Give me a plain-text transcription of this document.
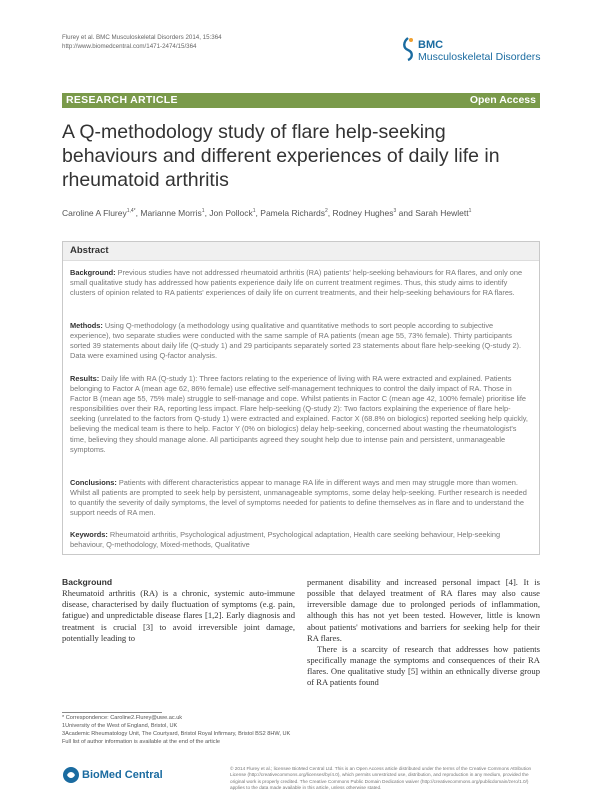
Flurey et al. BMC Musculoskeletal Disorders 2014, 15:364
http://www.biomedcentral.com/1471-2474/15/364	BMC
Musculoskeletal Disorders
RESEARCH ARTICLE	Open Access
A Q-methodology study of flare help-seeking behaviours and different experiences of daily life in rheumatoid arthritis
Caroline A Flurey$^{1,4*}$, Marianne Morris$^1$, Jon Pollock$^1$, Pamela Richards$^2$, Rodney Hughes$^3$ and Sarah Hewlett$^1$
Abstract
Background: Previous studies have not addressed rheumatoid arthritis (RA) patients' help-seeking behaviours for RA flares, and only one small qualitative study has addressed how patients experience daily life on current treatment regimes. Thus, this study aims to identify clusters of opinion related to RA patients' experiences of daily life on current treatments, and their help-seeking behaviours for RA flares.
Methods: Using Q-methodology (a methodology using qualitative and quantitative methods to sort people according to subjective experience), two separate studies were conducted with the same sample of RA patients (mean age 55, 73% female). Thirty participants sorted 39 statements about daily life (Q-study 1) and 29 participants separately sorted 23 statements about flare help-seeking (Q-study 2). Data were examined using Q-factor analysis.
Results: Daily life with RA (Q-study 1): Three factors relating to the experience of living with RA were extracted and explained. Patients belonging to Factor A (mean age 62, 86% female) use effective self-management techniques to control the daily impact of RA. Those in Factor B (mean age 55, 75% male) struggle to self-manage and cope. Whilst patients in Factor C (mean age 42, 100% female) prioritise life responsibilities over their RA, reporting less impact. Flare help-seeking (Q-study 2): Two factors explaining the experience of flare help-seeking (unrelated to the factors from Q-study 1) were extracted and explained. Factor X (68.8% on biologics) reported seeking help quickly, believing the medical team is there to help. Factor Y (0% on biologics) delay help-seeking, concerned about wasting the rheumatologist's time, believing they should manage alone. All participants agreed they sought help due to intense pain and persistent, unmanageable symptoms.
Conclusions: Patients with different characteristics appear to manage RA life in different ways and men may struggle more than women. Whilst all patients are prompted to seek help by persistent, unmanageable symptoms, some delay help-seeking. Further research is needed to quantify the severity of daily symptoms, the level of symptoms needed for patients to define themselves as in flare and to understand the support needs of RA men.
Keywords: Rheumatoid arthritis, Psychological adjustment, Psychological adaptation, Health care seeking behaviour, Help-seeking behaviour, Q-methodology, Mixed-methods, Qualitative
Background

Rheumatoid arthritis (RA) is a chronic, systemic auto-immune disease, characterised by daily fluctuation of symptoms (e.g. pain, fatigue) and unpredictable disease flares [1,2]. Early diagnosis and treatment is crucial [3] to avoid irreversible joint damage, potentially leading to

permanent disability and increased personal impact [4]. It is possible that delayed treatment of RA flares may also cause irreversible damage due to prolonged periods of inflammation, although this has not yet been tested. However, little is known about patients' motivations and barriers for seeking help for their RA flares.

There is a scarcity of research that addresses how patients specifically manage the symptoms and consequences of their RA flares. One qualitative study [5] within an ethnically diverse group of RA patients found

* Correspondence: Caroline2.Flurey@uwe.ac.uk
1University of the West of England, Bristol, UK
3Academic Rheumatology Unit, The Courtyard, Bristol Royal Infirmary, Bristol BS2 8HW, UK
Full list of author information is available at the end of the article
BioMed Central
© 2014 Flurey et al.; licensee BioMed Central Ltd. This is an Open Access article distributed under the terms of the Creative Commons Attribution License (http://creativecommons.org/licenses/by/4.0), which permits unrestricted use, distribution, and reproduction in any medium, provided the original work is properly credited. The Creative Commons Public Domain Dedication waiver (http://creativecommons.org/publicdomain/zero/1.0/) applies to the data made available in this article, unless otherwise stated.
